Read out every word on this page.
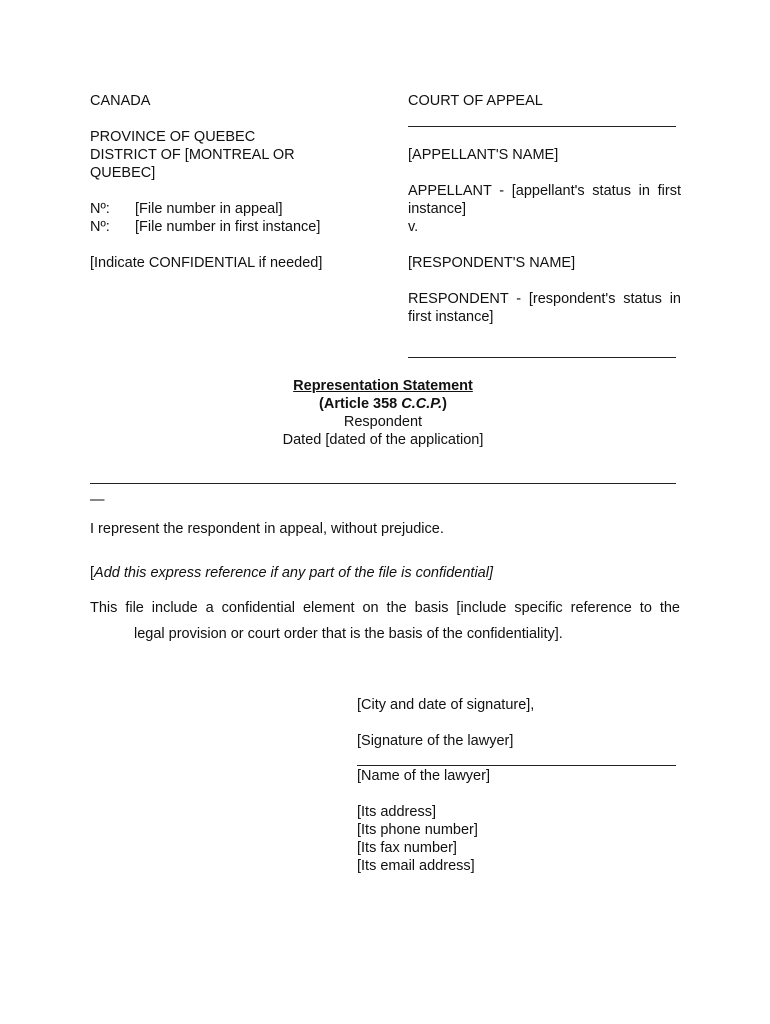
CANADA
PROVINCE OF QUEBEC
DISTRICT OF [MONTREAL OR
QUEBEC]
Nº:	[File number in appeal]
Nº:	[File number in first instance]
[Indicate CONFIDENTIAL if needed]
COURT OF APPEAL
[APPELLANT'S NAME]
APPELLANT - [appellant's status in first
instance]
v.
[RESPONDENT'S NAME]
RESPONDENT - [respondent's status in
first instance]
Representation Statement
(Article 358 C.C.P.)
Respondent
Dated [dated of the application]
—
I represent the respondent in appeal, without prejudice.
[Add this express reference if any part of the file is confidential]
This file include a confidential element on the basis [include specific reference to the
legal provision or court order that is the basis of the confidentiality].
[City and date of signature],
[Signature of the lawyer]
[Name of the lawyer]
[Its address]
[Its phone number]
[Its fax number]
[Its email address]
